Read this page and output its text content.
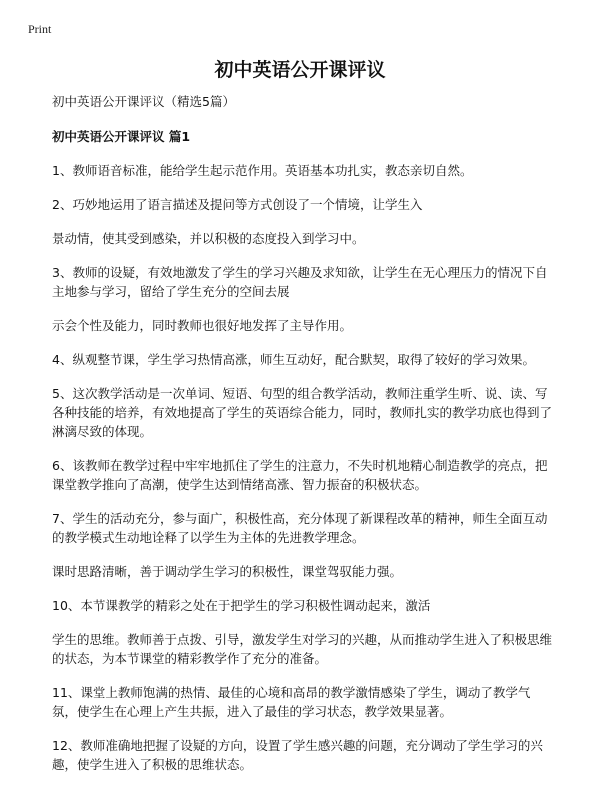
Print
初中英语公开课评议

初中英语公开课评议（精选5篇）

初中英语公开课评议 篇1

1、教师语音标准，能给学生起示范作用。英语基本功扎实，教态亲切自然。

2、巧妙地运用了语言描述及提问等方式创设了一个情境，让学生入

景动情，使其受到感染，并以积极的态度投入到学习中。

3、教师的设疑，有效地激发了学生的学习兴趣及求知欲，让学生在无心理压力的情况下自主地参与学习，留给了学生充分的空间去展

示会个性及能力，同时教师也很好地发挥了主导作用。

4、纵观整节课，学生学习热情高涨，师生互动好，配合默契，取得了较好的学习效果。

5、这次教学活动是一次单词、短语、句型的组合教学活动，教师注重学生听、说、读、写各种技能的培养，有效地提高了学生的英语综合能力，同时，教师扎实的教学功底也得到了淋漓尽致的体现。

6、该教师在教学过程中牢牢地抓住了学生的注意力，不失时机地精心制造教学的亮点，把课堂教学推向了高潮，使学生达到情绪高涨、智力振奋的积极状态。

7、学生的活动充分，参与面广，积极性高，充分体现了新课程改革的精神，师生全面互动的教学模式生动地诠释了以学生为主体的先进教学理念。

课时思路清晰，善于调动学生学习的积极性，课堂驾驭能力强。

10、本节课教学的精彩之处在于把学生的学习积极性调动起来，激活

学生的思维。教师善于点拨、引导，激发学生对学习的兴趣，从而推动学生进入了积极思维的状态，为本节课堂的精彩教学作了充分的准备。

11、课堂上教师饱满的热情、最佳的心境和高昂的教学激情感染了学生，调动了教学气氛，使学生在心理上产生共振，进入了最佳的学习状态，教学效果显著。

12、教师准确地把握了设疑的方向，设置了学生感兴趣的问题，充分调动了学生学习的兴趣，使学生进入了积极的思维状态。
